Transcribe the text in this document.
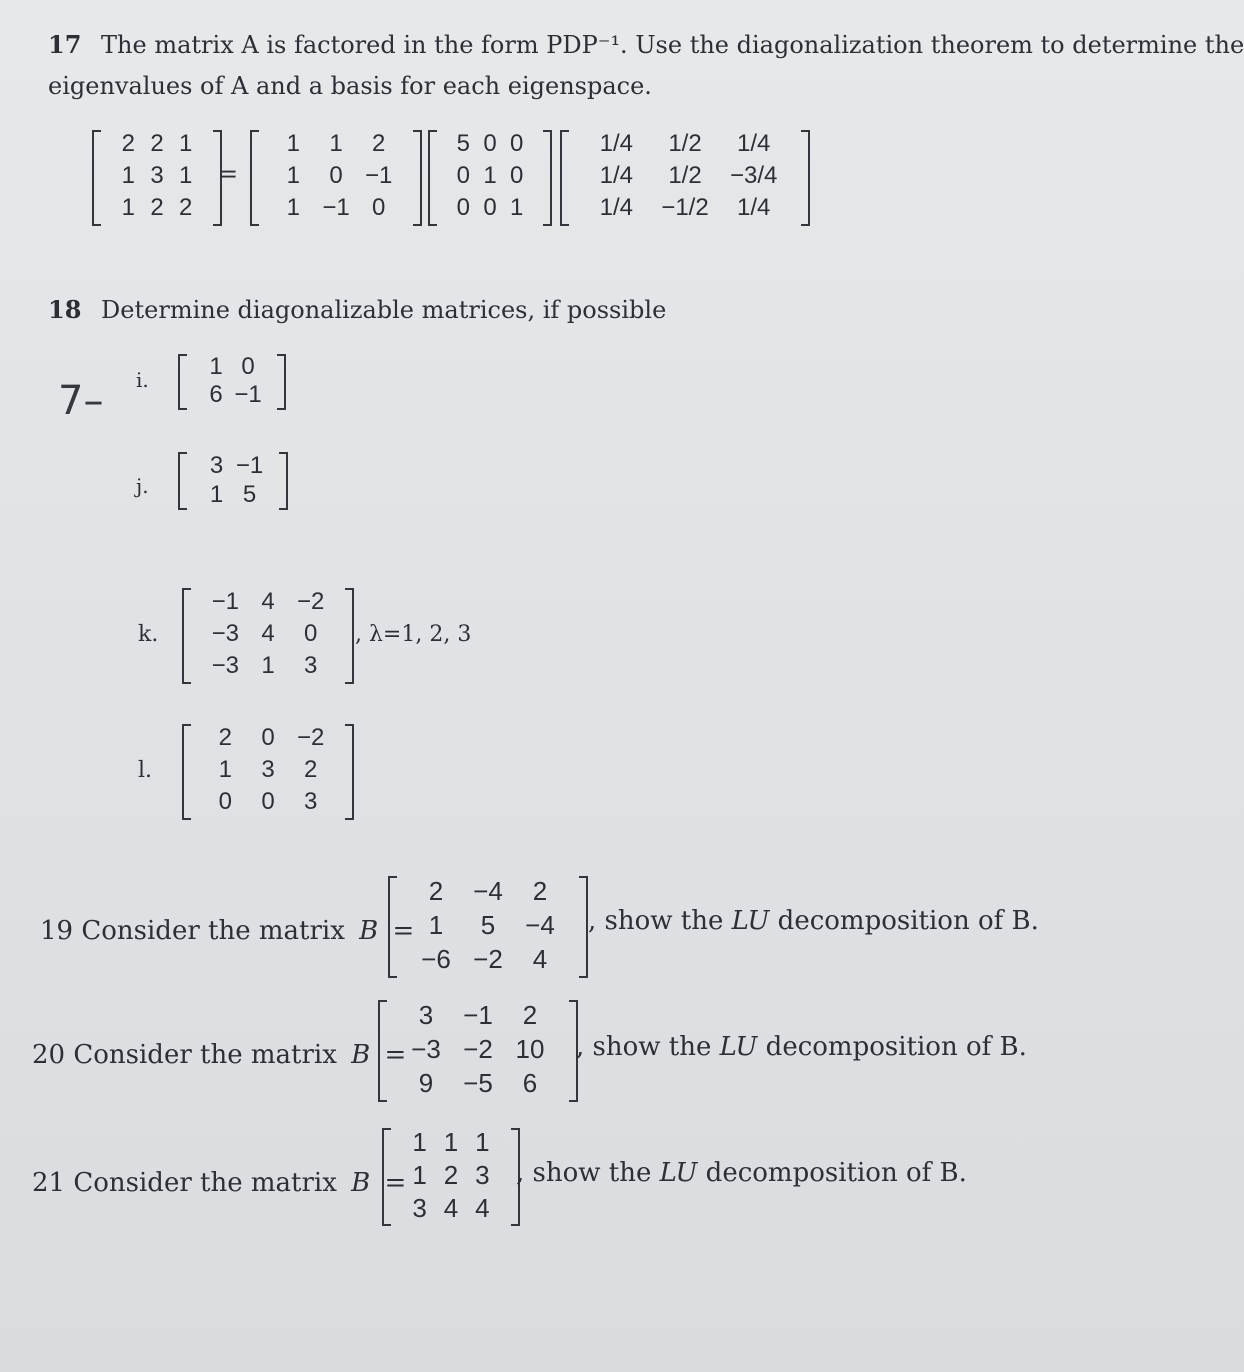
17 The matrix A is factored in the form PDP⁻¹. Use the diagonalization theorem to determine the
eigenvalues of A and a basis for each eigenspace.
2 2 1
1 3 1
1 2 2
=
1 1 2
1 0 −1
1 −1 0
5 0 0
0 1 0
0 0 1
1/4 1/2 1/4
1/4 1/2 −3/4
1/4 −1/2 1/4
18 Determine diagonalizable matrices, if possible
7– i.	1 0
6 −1
j.
3 −1
1 5
k.
−1 4 −2
−3 4 0
−3 1 3
, λ=1, 2, 3
l.
2 0 −2
1 3 2
0 0 3
19 Consider the matrix B =
2 −4 2
1 5 −4
−6 −2 4
, show the LU decomposition of B.
20 Consider the matrix B =
3 −1 2
−3 −2 10
9 −5 6
, show the LU decomposition of B.
21 Consider the matrix B =
1 1 1
1 2 3
3 4 4
, show the LU decomposition of B.
